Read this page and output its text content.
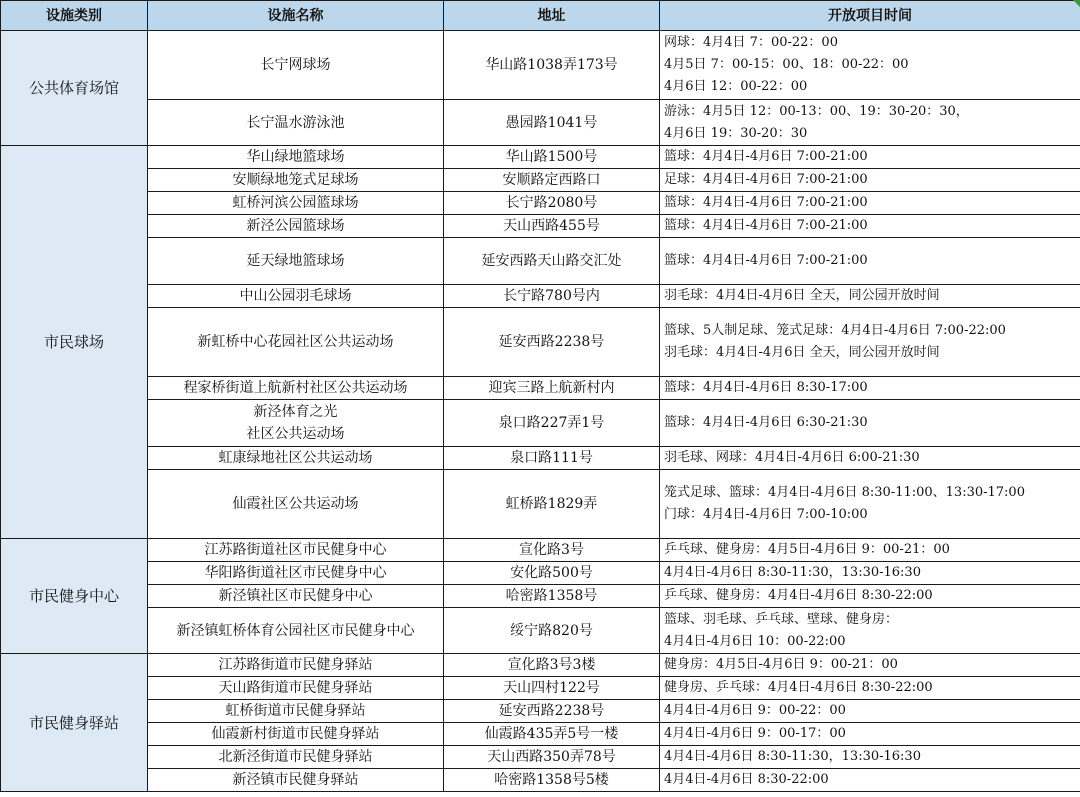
设施类别	设施名称	地址	开放项目时间
公共体育场馆	长宁网球场	华山路1038弄173号	网球：4月4日 7：00-22：00
4月5日 7：00-15：00、18：00-22：00
4月6日 12：00-22：00

	长宁温水游泳池	愚园路1041号	游泳：4月5日 12：00-13：00、19：30-20：30，
4月6日 19：30-20：30

市民球场	华山绿地篮球场	华山路1500号	篮球：4月4日-4月6日 7:00-21:00

	安顺绿地笼式足球场	安顺路定西路口	足球：4月4日-4月6日 7:00-21:00

	虹桥河滨公园篮球场	长宁路2080号	篮球：4月4日-4月6日 7:00-21:00

	新泾公园篮球场	天山西路455号	篮球：4月4日-4月6日 7:00-21:00

	延天绿地篮球场	延安西路天山路交汇处	篮球：4月4日-4月6日 7:00-21:00

	中山公园羽毛球场	长宁路780号内	羽毛球：4月4日-4月6日 全天，同公园开放时间

	新虹桥中心花园社区公共运动场	延安西路2238号	篮球、5人制足球、笼式足球：4月4日-4月6日 7:00-22:00
羽毛球：4月4日-4月6日 全天，同公园开放时间

	程家桥街道上航新村社区公共运动场	迎宾三路上航新村内	篮球：4月4日-4月6日 8:30-17:00

	新泾体育之光
社区公共运动场	泉口路227弄1号	篮球：4月4日-4月6日 6:30-21:30

	虹康绿地社区公共运动场	泉口路111号	羽毛球、网球：4月4日-4月6日 6:00-21:30

	仙霞社区公共运动场	虹桥路1829弄	笼式足球、篮球：4月4日-4月6日 8:30-11:00、13:30-17:00
门球：4月4日-4月6日 7:00-10:00

市民健身中心	江苏路街道社区市民健身中心	宣化路3号	乒乓球、健身房：4月5日-4月6日 9：00-21：00

	华阳路街道社区市民健身中心	安化路500号	4月4日-4月6日 8:30-11:30，13:30-16:30

	新泾镇社区市民健身中心	哈密路1358号	乒乓球、健身房：4月4日-4月6日 8:30-22:00

	新泾镇虹桥体育公园社区市民健身中心	绥宁路820号	篮球、羽毛球、乒乓球、壁球、健身房：
4月4日-4月6日 10：00-22:00

市民健身驿站	江苏路街道市民健身驿站	宣化路3号3楼	健身房：4月5日-4月6日 9：00-21：00

	天山路街道市民健身驿站	天山四村122号	健身房、乒乓球：4月4日-4月6日 8:30-22:00

	虹桥街道市民健身驿站	延安西路2238号	4月4日-4月6日 9：00-22：00

	仙霞新村街道市民健身驿站	仙霞路435弄5号一楼	4月4日-4月6日 9：00-17：00

	北新泾街道市民健身驿站	天山西路350弄78号	4月4日-4月6日 8:30-11:30，13:30-16:30

	新泾镇市民健身驿站	哈密路1358号5楼	4月4日-4月6日 8:30-22:00
